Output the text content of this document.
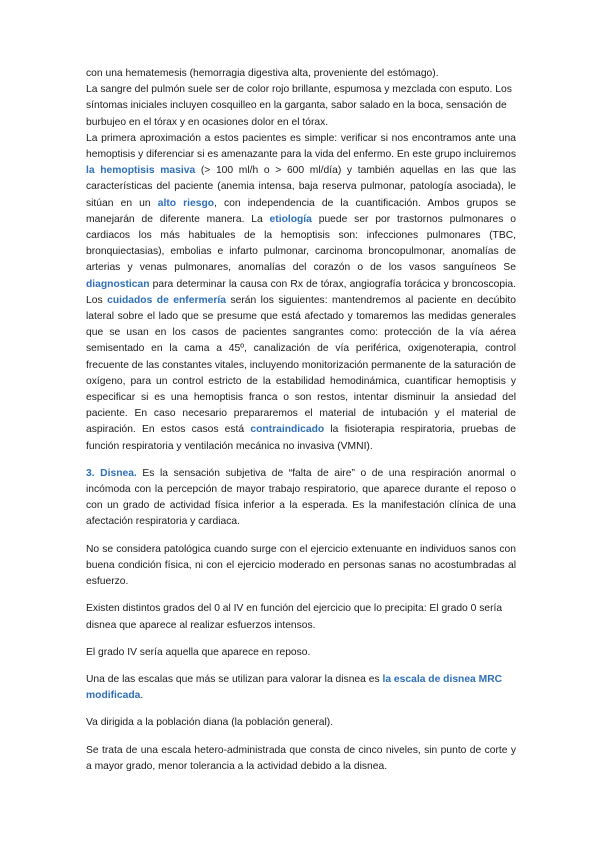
con una hematemesis (hemorragia digestiva alta, proveniente del estómago).

La sangre del pulmón suele ser de color rojo brillante, espumosa y mezclada con esputo. Los síntomas iniciales incluyen cosquilleo en la garganta, sabor salado en la boca, sensación de burbujeo en el tórax y en ocasiones dolor en el tórax.

La primera aproximación a estos pacientes es simple: verificar si nos encontramos ante una hemoptisis y diferenciar si es amenazante para la vida del enfermo. En este grupo incluiremos la hemoptisis masiva (> 100 ml/h o > 600 ml/día) y también aquellas en las que las características del paciente (anemia intensa, baja reserva pulmonar, patología asociada), le sitúan en un alto riesgo, con independencia de la cuantificación. Ambos grupos se manejarán de diferente manera. La etiología puede ser por trastornos pulmonares o cardiacos los más habituales de la hemoptisis son: infecciones pulmonares (TBC, bronquiectasias), embolias e infarto pulmonar, carcinoma broncopulmonar, anomalías de arterias y venas pulmonares, anomalías del corazón o de los vasos sanguíneos Se diagnostican para determinar la causa con Rx de tórax, angiografía torácica y broncoscopia. Los cuidados de enfermería serán los siguientes: mantendremos al paciente en decúbito lateral sobre el lado que se presume que está afectado y tomaremos las medidas generales que se usan en los casos de pacientes sangrantes como: protección de la vía aérea semisentado en la cama a 45º, canalización de vía periférica, oxigenoterapia, control frecuente de las constantes vitales, incluyendo monitorización permanente de la saturación de oxígeno, para un control estricto de la estabilidad hemodinámica, cuantificar hemoptisis y especificar si es una hemoptisis franca o son restos, intentar disminuir la ansiedad del paciente. En caso necesario prepararemos el material de intubación y el material de aspiración. En estos casos está contraindicado la fisioterapia respiratoria, pruebas de función respiratoria y ventilación mecánica no invasiva (VMNI).

3. Disnea. Es la sensación subjetiva de “falta de aire” o de una respiración anormal o incómoda con la percepción de mayor trabajo respiratorio, que aparece durante el reposo o con un grado de actividad física inferior a la esperada. Es la manifestación clínica de una afectación respiratoria y cardiaca.

No se considera patológica cuando surge con el ejercicio extenuante en individuos sanos con buena condición física, ni con el ejercicio moderado en personas sanas no acostumbradas al esfuerzo.

Existen distintos grados del 0 al IV en función del ejercicio que lo precipita: El grado 0 sería disnea que aparece al realizar esfuerzos intensos.

El grado IV sería aquella que aparece en reposo.

Una de las escalas que más se utilizan para valorar la disnea es la escala de disnea MRC modificada.

Va dirigida a la población diana (la población general).

Se trata de una escala hetero-administrada que consta de cinco niveles, sin punto de corte y a mayor grado, menor tolerancia a la actividad debido a la disnea.
